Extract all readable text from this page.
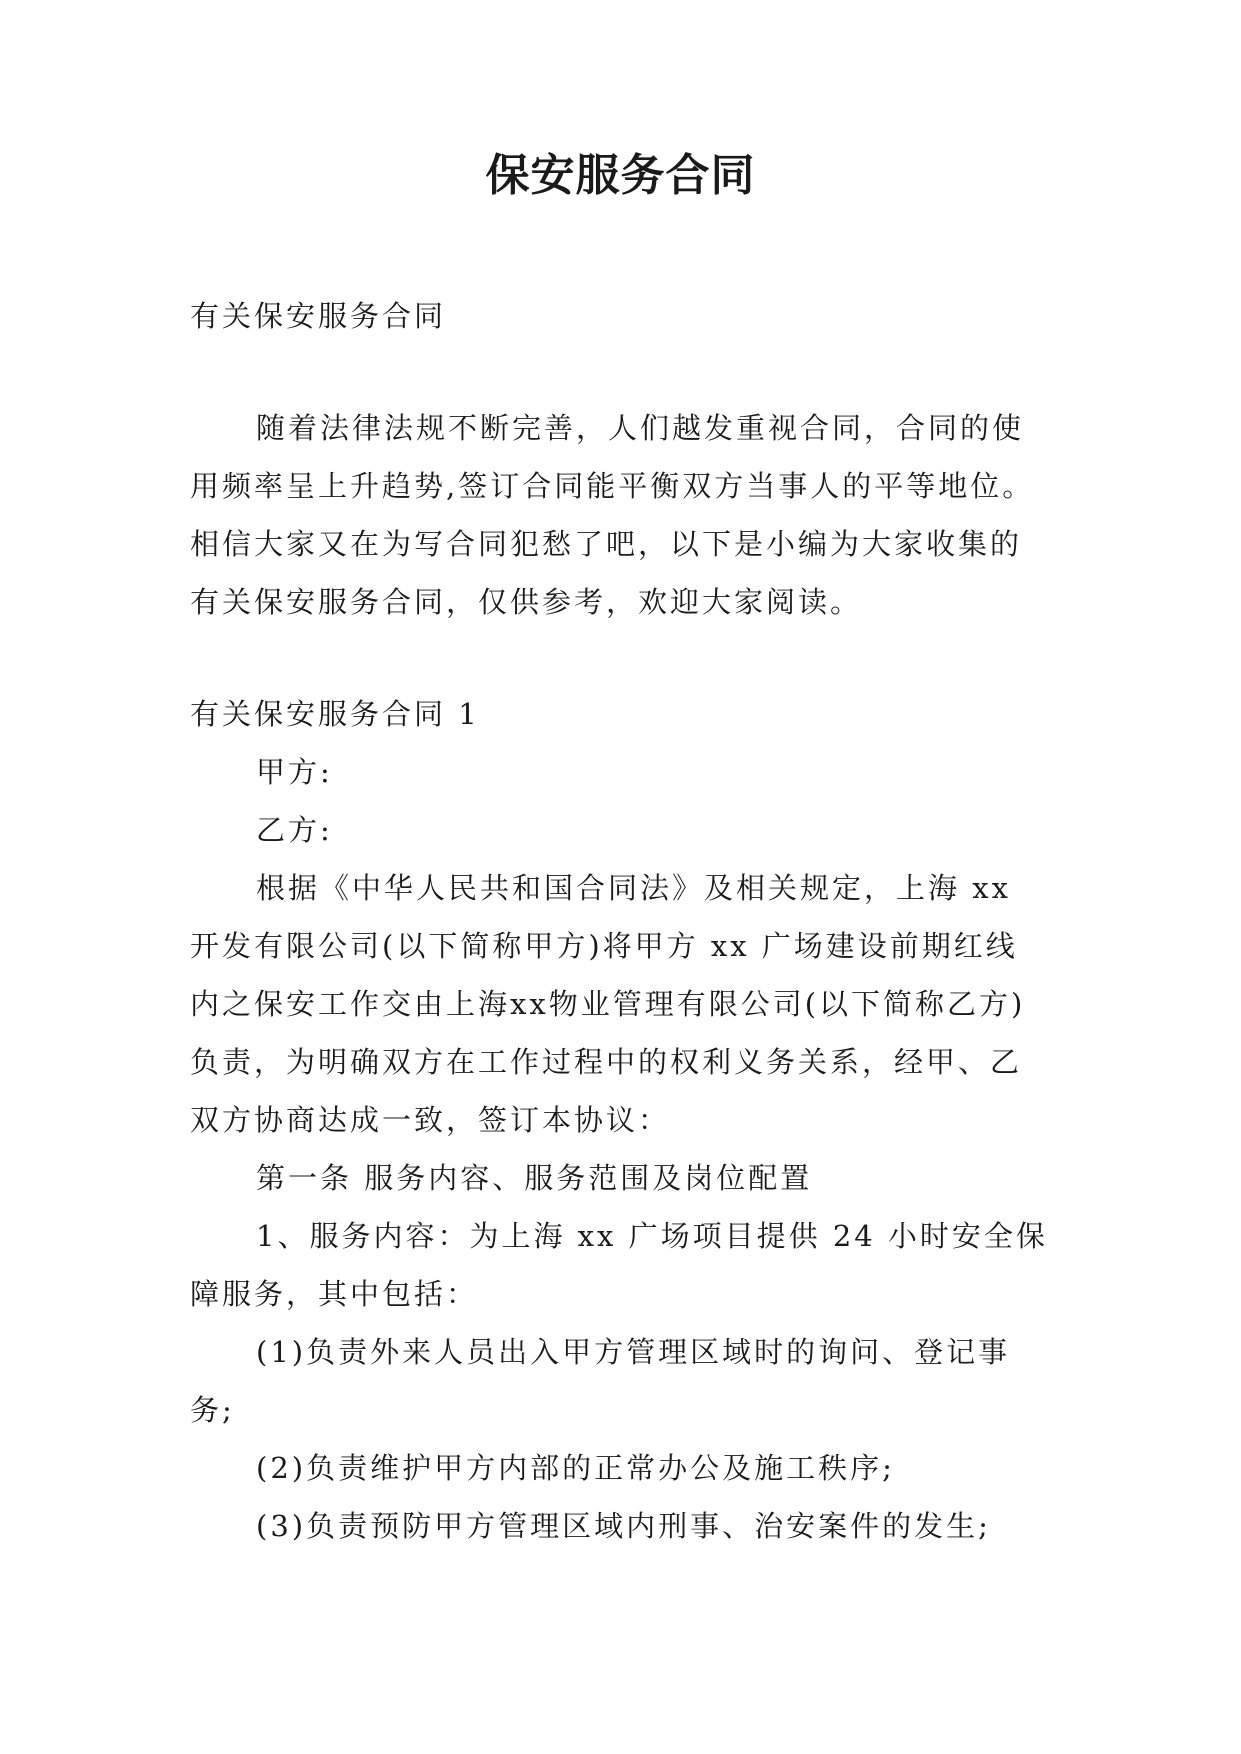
保安服务合同
有关保安服务合同
随着法律法规不断完善，人们越发重视合同，合同的使
用频率呈上升趋势,签订合同能平衡双方当事人的平等地位。
相信大家又在为写合同犯愁了吧，以下是小编为大家收集的
有关保安服务合同，仅供参考，欢迎大家阅读。
有关保安服务合同 1
甲方:
乙方:
根据《中华人民共和国合同法》及相关规定，上海 xx
开发有限公司(以下简称甲方)将甲方 xx 广场建设前期红线
内之保安工作交由上海xx物业管理有限公司(以下简称乙方)
负责，为明确双方在工作过程中的权利义务关系，经甲、乙
双方协商达成一致，签订本协议：
第一条 服务内容、服务范围及岗位配置
1、服务内容：为上海 xx 广场项目提供 24 小时安全保
障服务，其中包括：
(1)负责外来人员出入甲方管理区域时的询问、登记事
务;
(2)负责维护甲方内部的正常办公及施工秩序;
(3)负责预防甲方管理区域内刑事、治安案件的发生;
